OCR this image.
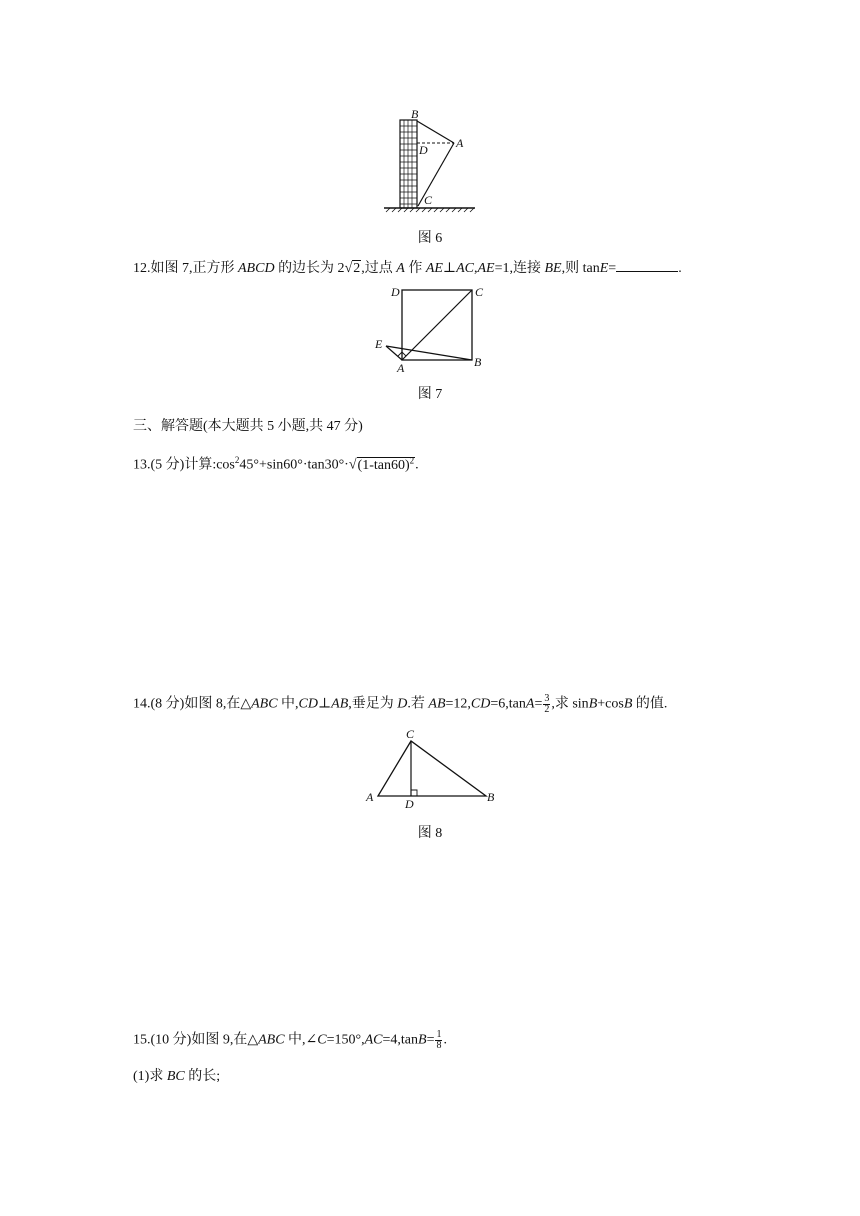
B
D A
C
图 6
12.如图 7,正方形 ABCD 的边长为 2√2,过点 A 作 AE⊥AC,AE=1,连接 BE,则 tanE=	.
D	C
E
A	B
图 7
三、解答题(本大题共 5 小题,共 47 分)
13.(5 分)计算$:\cos^245^\circ+\sin 60^\circ\cdot\tan 30^\circ\cdot√(1-\tan 60)^2$.
14.(8 分)如图 8,在△ABC 中,CD⊥AB,垂足为 D.若 $AB=12,CD=6,\tan A= \frac{3}{2}$ ,求 sinB+cosB 的值.
C
A	D	B
图 8
15.(10 分)如图 9,在△ABC 中,∠C=150°,AC=4,tanB= $\frac{1}{8}$ .
(1)求 BC 的长;
